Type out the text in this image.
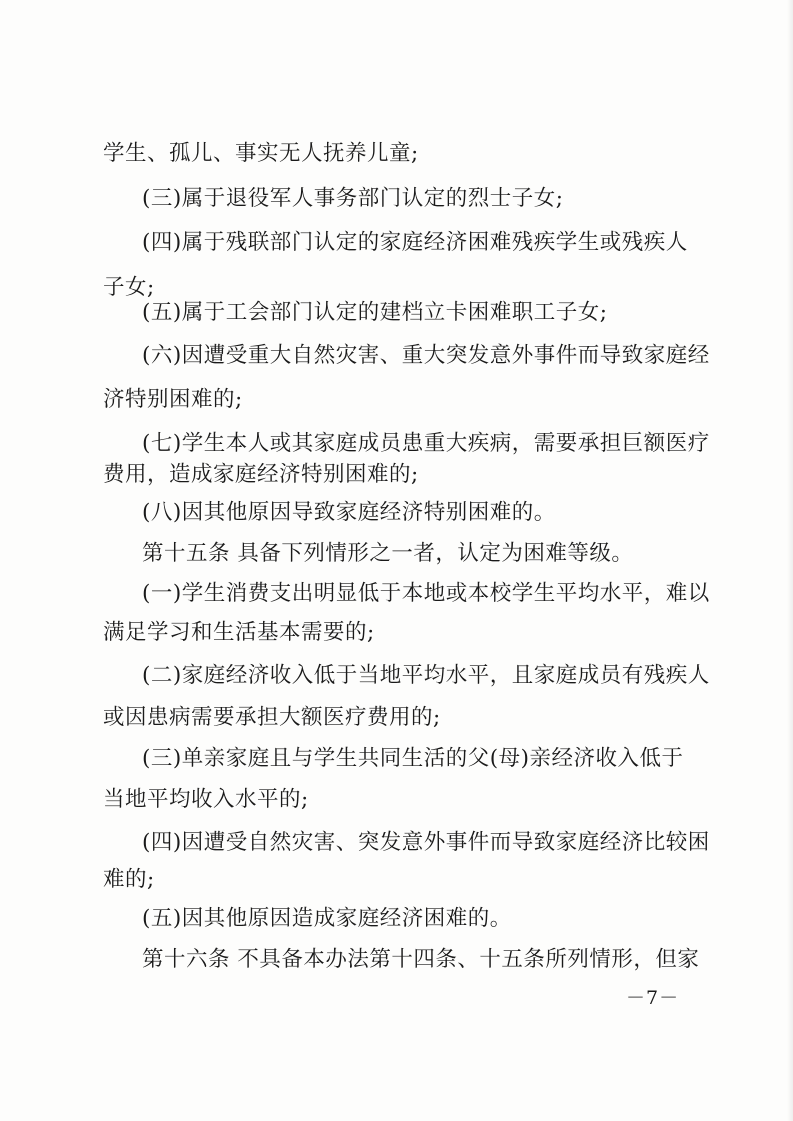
学生、孤儿、事实无人抚养儿童;
(三)属于退役军人事务部门认定的烈士子女;
(四)属于残联部门认定的家庭经济困难残疾学生或残疾人
子女;
(五)属于工会部门认定的建档立卡困难职工子女;
(六)因遭受重大自然灾害、重大突发意外事件而导致家庭经
济特别困难的;
(七)学生本人或其家庭成员患重大疾病，需要承担巨额医疗
费用，造成家庭经济特别困难的;
(八)因其他原因导致家庭经济特别困难的。
第十五条 具备下列情形之一者，认定为困难等级。
(一)学生消费支出明显低于本地或本校学生平均水平，难以
满足学习和生活基本需要的;
(二)家庭经济收入低于当地平均水平，且家庭成员有残疾人
或因患病需要承担大额医疗费用的;
(三)单亲家庭且与学生共同生活的父(母)亲经济收入低于
当地平均收入水平的;
(四)因遭受自然灾害、突发意外事件而导致家庭经济比较困
难的;
(五)因其他原因造成家庭经济困难的。
第十六条 不具备本办法第十四条、十五条所列情形，但家
－7－
